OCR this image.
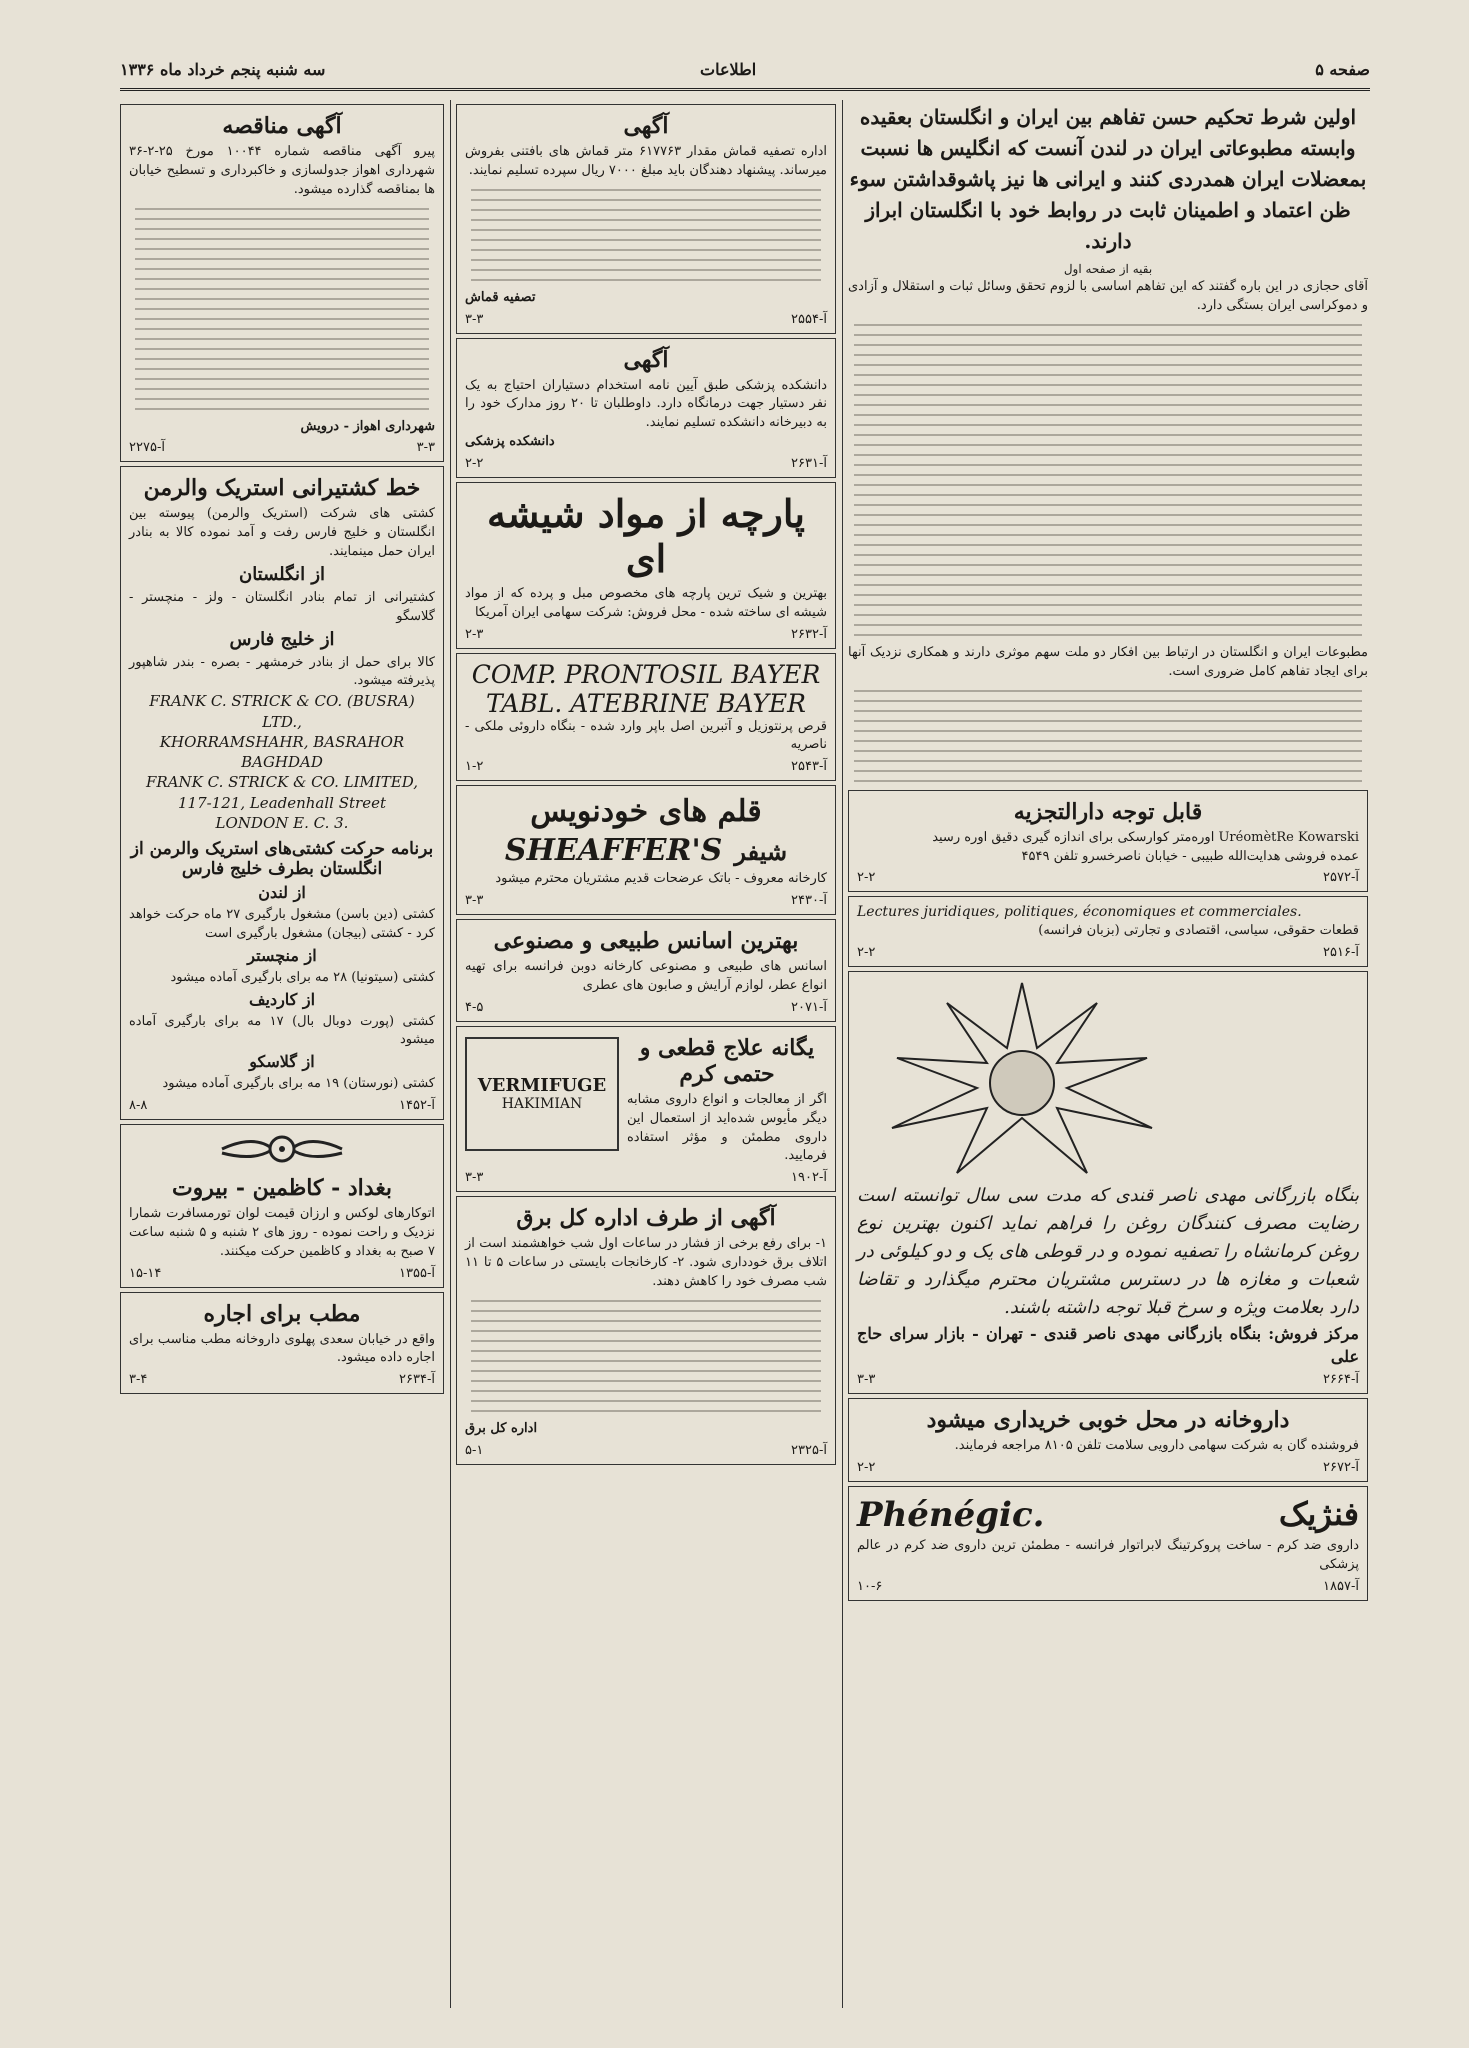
صفحه ۵
اطلاعات
سه شنبه پنجم خرداد ماه ۱۳۳۶
اولین شرط تحکیم حسن تفاهم بین ایران و انگلستان بعقیده وابسته مطبوعاتی ایران در لندن آنست که انگلیس ها نسبت بمعضلات ایران همدردی کنند و ایرانی ها نیز پاشوقداشتن سوء ظن اعتماد و اطمینان ثابت در روابط خود با انگلستان ابراز دارند.
بقیه از صفحه اول
آقای حجازی در این باره گفتند که این تفاهم اساسی با لزوم تحقق وسائل ثبات و استقلال و آزادی و دموکراسی ایران بستگی دارد.
مطبوعات ایران و انگلستان در ارتباط بین افکار دو ملت سهم موثری دارند و همکاری نزدیک آنها برای ایجاد تفاهم کامل ضروری است.
قابل توجه دارالتجزیه
UréomètRe Kowarski اوره‌متر کوارسکی برای اندازه گیری دقیق اوره رسید
عمده فروشی هدایت‌الله طبیبی - خیابان ناصرخسرو تلفن ۴۵۴۹
۲-۲	آ-۲۵۷۲
Lectures juridiques, politiques, économiques et commerciales.
قطعات حقوقی، سیاسی، اقتصادی و تجارتی (بزبان فرانسه)
۲-۲	آ-۲۵۱۶
بنگاه بازرگانی مهدی ناصر قندی که مدت سی سال توانسته است رضایت مصرف کنندگان روغن را فراهم نماید اکنون بهترین نوع روغن کرمانشاه را تصفیه نموده و در قوطی های یک و دو کیلوئی در شعبات و مغازه ها در دسترس مشتریان محترم میگذارد و تقاضا دارد بعلامت ویژه و سرخ قبلا توجه داشته باشند.
مرکز فروش: بنگاه بازرگانی مهدی ناصر قندی - تهران - بازار سرای حاج علی
۳-۳	آ-۲۶۶۴
داروخانه در محل خوبی خریداری میشود
فروشنده گان به شرکت سهامی دارویی سلامت تلفن ۸۱۰۵ مراجعه فرمایند.
۲-۲	آ-۲۶۷۲
Phénégic.	فنژیک
داروی ضد کرم - ساخت پروکرتینگ لابراتوار فرانسه - مطمئن ترین داروی ضد کرم در عالم پزشکی
۱۰-۶	آ-۱۸۵۷
آگهی
اداره تصفیه قماش مقدار ۶۱۷۷۶۳ متر قماش های بافتنی بفروش میرساند. پیشنهاد دهندگان باید مبلغ ۷۰۰۰ ریال سپرده تسلیم نمایند.
تصفیه قماش
۳-۳	آ-۲۵۵۴
آگهی
دانشکده پزشکی طبق آیین نامه استخدام دستیاران احتیاج به یک نفر دستیار جهت درمانگاه دارد. داوطلبان تا ۲۰ روز مدارک خود را به دبیرخانه دانشکده تسلیم نمایند.
دانشکده پزشکی
۲-۲	آ-۲۶۳۱
پارچه از مواد شیشه ای
بهترین و شیک ترین پارچه های مخصوص مبل و پرده که از مواد شیشه ای ساخته شده - محل فروش: شرکت سهامی ایران آمریکا
۲-۳	آ-۲۶۳۲
COMP. PRONTOSIL BAYER
TABL. ATEBRINE BAYER
قرص پرنتوزیل و آتبرین اصل باپر وارد شده - بنگاه داروئی ملکی - ناصریه
۱-۲	آ-۲۵۴۳
قلم های خودنویس
SHEAFFER'S شیفر
کارخانه معروف - باتک عرضحات قدیم مشتریان محترم میشود
۳-۳	آ-۲۴۳۰
بهترین اسانس طبیعی و مصنوعی
اسانس های طبیعی و مصنوعی کارخانه دوبن فرانسه برای تهیه انواع عطر، لوازم آرایش و صابون های عطری
۴-۵	آ-۲۰۷۱
VERMIFUGE
HAKIMIAN
یگانه علاج قطعی و حتمی کرم
اگر از معالجات و انواع داروی مشابه دیگر مأیوس شده‌اید از استعمال این داروی مطمئن و مؤثر استفاده فرمایید.
۳-۳	آ-۱۹۰۲
آگهی از طرف اداره کل برق
۱- برای رفع برخی از فشار در ساعات اول شب خواهشمند است از اتلاف برق خودداری شود. ۲- کارخانجات بایستی در ساعات ۵ تا ۱۱ شب مصرف خود را کاهش دهند.
اداره کل برق
۵-۱	آ-۲۳۲۵
آگهی مناقصه
پیرو آگهی مناقصه شماره ۱۰۰۴۴ مورخ ۲۵-۲-۳۶ شهرداری اهواز جدولسازی و خاکبرداری و تسطیح خیابان ها بمناقصه گذارده میشود.
شهرداری اهواز - درویش
آ-۲۲۷۵	۳-۳
خط کشتیرانی استریک والرمن
کشتی های شرکت (استریک والرمن) پیوسته بین انگلستان و خلیج فارس رفت و آمد نموده کالا به بنادر ایران حمل مینمایند.
از انگلستان
کشتیرانی از تمام بنادر انگلستان - ولز - منچستر - گلاسگو
از خلیج فارس
کالا برای حمل از بنادر خرمشهر - بصره - بندر شاهپور پذیرفته میشود.
FRANK C. STRICK & CO. (BUSRA) LTD.,
KHORRAMSHAHR, BASRAHOR BAGHDAD
FRANK C. STRICK & CO. LIMITED,
117-121, Leadenhall Street
LONDON E. C. 3.
برنامه حرکت کشتی‌های استریک والرمن از انگلستان بطرف خلیج فارس
از لندن
کشتی (دین باسن) مشغول بارگیری ۲۷ ماه حرکت خواهد کرد - کشتی (بیجان) مشغول بارگیری است
از منچستر
کشتی (سیتونیا) ۲۸ مه برای بارگیری آماده میشود
از کاردیف
کشتی (پورت دوبال بال) ۱۷ مه برای بارگیری آماده میشود
از گلاسکو
کشتی (نورستان) ۱۹ مه برای بارگیری آماده میشود
۸-۸	آ-۱۴۵۲
بغداد - کاظمین - بیروت
اتوکارهای لوکس و ارزان قیمت لوان تورمسافرت شمارا نزدیک و راحت نموده - روز های ۲ شنبه و ۵ شنبه ساعت ۷ صبح به بغداد و کاظمین حرکت میکنند.
۱۵-۱۴	آ-۱۳۵۵
مطب برای اجاره
واقع در خیابان سعدی پهلوی داروخانه مطب مناسب برای اجاره داده میشود.
۳-۴	آ-۲۶۳۴
